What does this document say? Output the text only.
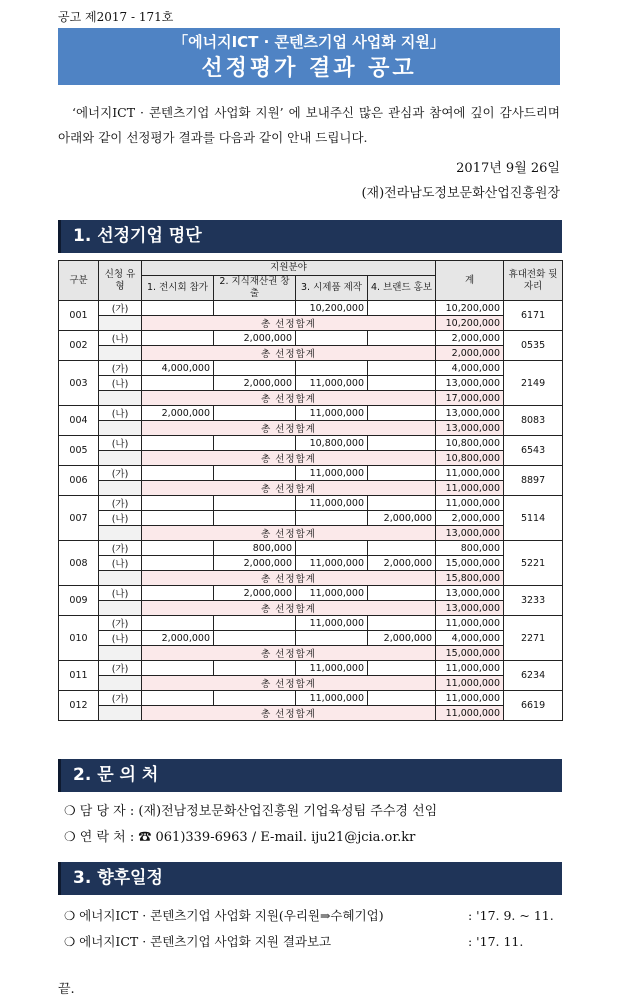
공고 제2017 - 171호
「에너지ICT · 콘텐츠기업 사업화 지원」
선정평가 결과 공고

‘에너지ICT · 콘텐츠기업 사업화 지원’ 에 보내주신 많은 관심과 참여에 깊이 감사드리며 아래와 같이 선정평가 결과를 다음과 같이 안내 드립니다.

2017년 9월 26일
(재)전라남도정보문화산업진흥원장
1. 선정기업 명단
구분	신청 유형	지원분야				계	휴대전화 뒷자리
		1. 전시회 참가	2. 지식재산권 창출	3. 시제품 제작	4. 브랜드 홍보		
001	(가)			10,200,000		10,200,000	6171
		총 선정합계				10,200,000	
002	(나)		2,000,000			2,000,000	0535
		총 선정합계				2,000,000	
003	(가)	4,000,000				4,000,000	2149
	(나)		2,000,000	11,000,000		13,000,000	
		총 선정합계				17,000,000	
004	(나)	2,000,000		11,000,000		13,000,000	8083
		총 선정합계				13,000,000	
005	(나)			10,800,000		10,800,000	6543
		총 선정합계				10,800,000	
006	(가)			11,000,000		11,000,000	8897
		총 선정합계				11,000,000	
007	(가)			11,000,000		11,000,000	5114
	(나)				2,000,000	2,000,000	
		총 선정합계				13,000,000	
008	(가)		800,000			800,000	5221
	(나)		2,000,000	11,000,000	2,000,000	15,000,000	
		총 선정합계				15,800,000	
009	(나)		2,000,000	11,000,000		13,000,000	3233
		총 선정합계				13,000,000	
010	(가)			11,000,000		11,000,000	2271
	(나)	2,000,000			2,000,000	4,000,000	
		총 선정합계				15,000,000	
011	(가)			11,000,000		11,000,000	6234
		총 선정합계				11,000,000	
012	(가)			11,000,000		11,000,000	6619
		총 선정합계				11,000,000	
2. 문 의 처
❍ 담 당 자 : (재)전남정보문화산업진흥원 기업육성팀 주수경 선임
❍ 연 락 처 : ☎ 061)339-6963 / E-mail. iju21@jcia.or.kr
3. 향후일정
❍ 에너지ICT · 콘텐츠기업 사업화 지원(우리원⇒수혜기업)	: '17. 9. ~ 11.
❍ 에너지ICT · 콘텐츠기업 사업화 지원 결과보고	: '17. 11.
끝.
